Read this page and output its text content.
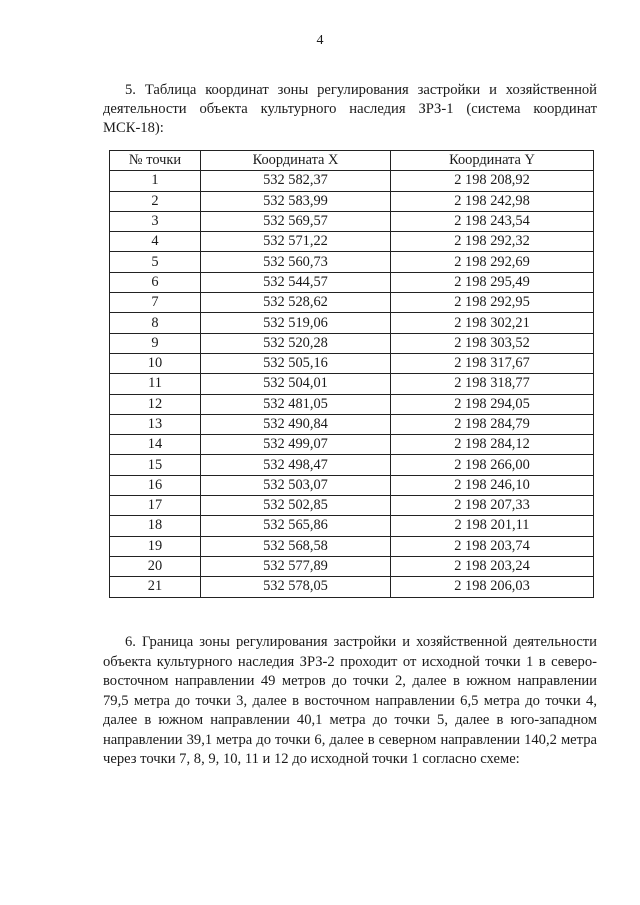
4

5. Таблица координат зоны регулирования застройки и хозяйственной деятельности объекта культурного наследия ЗРЗ-1 (система координат МСК-18):

№ точки	Координата X	Координата Y
1	532 582,37	2 198 208,92
2	532 583,99	2 198 242,98
3	532 569,57	2 198 243,54
4	532 571,22	2 198 292,32
5	532 560,73	2 198 292,69
6	532 544,57	2 198 295,49
7	532 528,62	2 198 292,95
8	532 519,06	2 198 302,21
9	532 520,28	2 198 303,52
10	532 505,16	2 198 317,67
11	532 504,01	2 198 318,77
12	532 481,05	2 198 294,05
13	532 490,84	2 198 284,79
14	532 499,07	2 198 284,12
15	532 498,47	2 198 266,00
16	532 503,07	2 198 246,10
17	532 502,85	2 198 207,33
18	532 565,86	2 198 201,11
19	532 568,58	2 198 203,74
20	532 577,89	2 198 203,24
21	532 578,05	2 198 206,03

6. Граница зоны регулирования застройки и хозяйственной деятельности объекта культурного наследия ЗРЗ-2 проходит от исходной точки 1 в северо-восточном направлении 49 метров до точки 2, далее в южном направлении 79,5 метра до точки 3, далее в восточном направлении 6,5 метра до точки 4, далее в южном направлении 40,1 метра до точки 5, далее в юго-западном направлении 39,1 метра до точки 6, далее в северном направлении 140,2 метра через точки 7, 8, 9, 10, 11 и 12 до исходной точки 1 согласно схеме:
